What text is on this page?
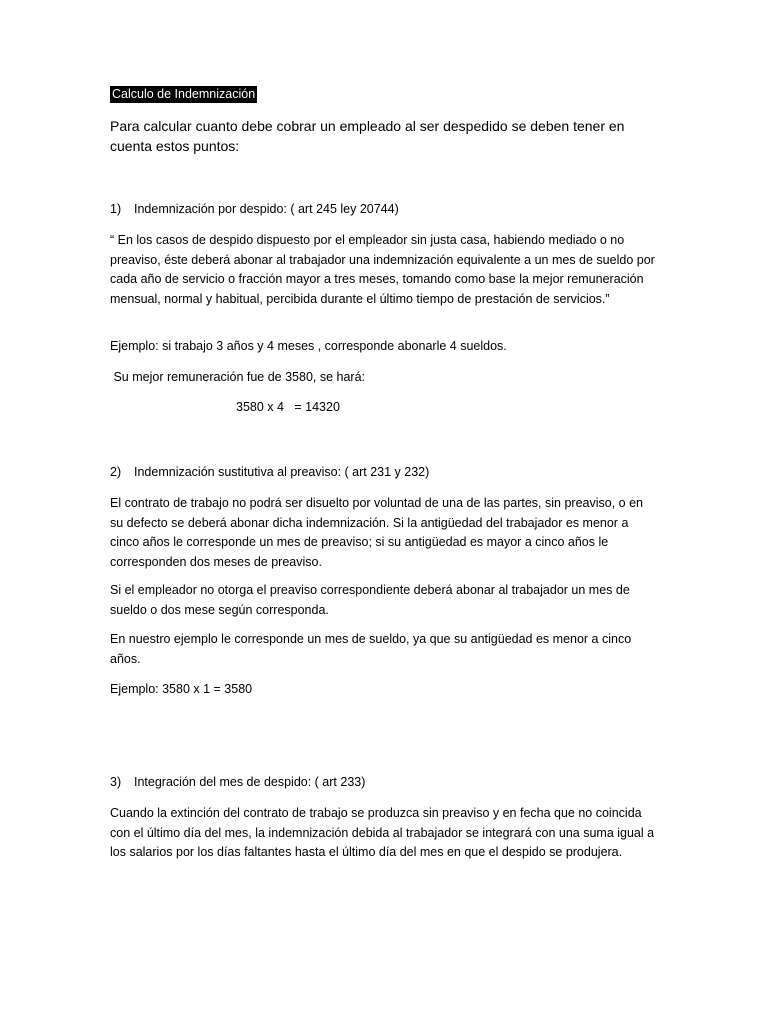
Calculo de Indemnización
Para calcular cuanto debe cobrar un empleado al ser despedido se deben tener en cuenta estos puntos:
1) Indemnización por despido: ( art 245 ley 20744)
“ En los casos de despido dispuesto por el empleador sin justa casa, habiendo mediado o no preaviso, éste deberá abonar al trabajador una indemnización equivalente a un mes de sueldo por cada año de servicio o fracción mayor a tres meses, tomando como base la mejor remuneración mensual, normal y habitual, percibida durante el último tiempo de prestación de servicios.”
Ejemplo: si trabajo 3 años y 4 meses , corresponde abonarle 4 sueldos.
Su mejor remuneración fue de 3580, se hará:
3580 x 4   = 14320
2) Indemnización sustitutiva al preaviso: ( art 231 y 232)
El contrato de trabajo no podrá ser disuelto por voluntad de una de las partes, sin preaviso, o en su defecto se deberá abonar dicha indemnización. Si la antigüedad del trabajador es menor a cinco años le corresponde un mes de preaviso; si su antigüedad es mayor a cinco años le corresponden dos meses de preaviso.
Si el empleador no otorga el preaviso correspondiente deberá abonar al trabajador un mes de sueldo o dos mese según corresponda.
En nuestro ejemplo le corresponde un mes de sueldo, ya que su antigüedad es menor a cinco años.
Ejemplo: 3580 x 1 = 3580
3) Integración del mes de despido: ( art 233)
Cuando la extinción del contrato de trabajo se produzca sin preaviso y en fecha que no coincida con el último día del mes, la indemnización debida al trabajador se integrará con una suma igual a los salarios por los días faltantes hasta el último día del mes en que el despido se produjera.
